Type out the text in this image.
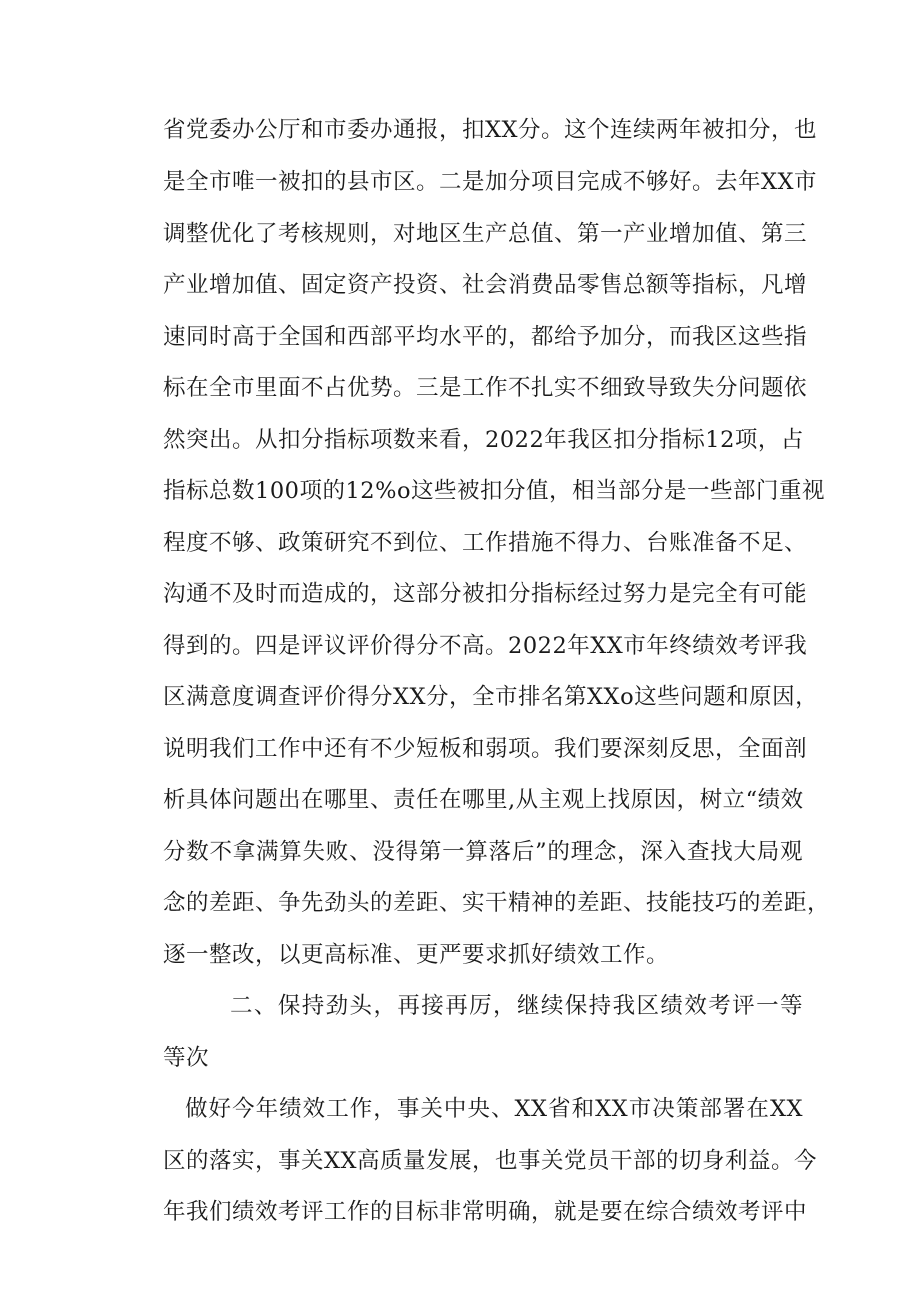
省党委办公厅和市委办通报，扣XX分。这个连续两年被扣分，也
是全市唯一被扣的县市区。二是加分项目完成不够好。去年XX市
调整优化了考核规则，对地区生产总值、第一产业增加值、第三
产业增加值、固定资产投资、社会消费品零售总额等指标，凡增
速同时高于全国和西部平均水平的，都给予加分，而我区这些指
标在全市里面不占优势。三是工作不扎实不细致导致失分问题依
然突出。从扣分指标项数来看，2022年我区扣分指标12项，占
指标总数100项的12%o这些被扣分值，相当部分是一些部门重视
程度不够、政策研究不到位、工作措施不得力、台账准备不足、
沟通不及时而造成的，这部分被扣分指标经过努力是完全有可能
得到的。四是评议评价得分不高。2022年XX市年终绩效考评我
区满意度调查评价得分XX分，全市排名第XXo这些问题和原因，
说明我们工作中还有不少短板和弱项。我们要深刻反思，全面剖
析具体问题出在哪里、责任在哪里,从主观上找原因，树立“绩效
分数不拿满算失败、没得第一算落后”的理念，深入查找大局观
念的差距、争先劲头的差距、实干精神的差距、技能技巧的差距，
逐一整改，以更高标准、更严要求抓好绩效工作。
二、保持劲头，再接再厉，继续保持我区绩效考评一等
等次
做好今年绩效工作，事关中央、XX省和XX市决策部署在XX
区的落实，事关XX高质量发展，也事关党员干部的切身利益。今
年我们绩效考评工作的目标非常明确，就是要在综合绩效考评中
